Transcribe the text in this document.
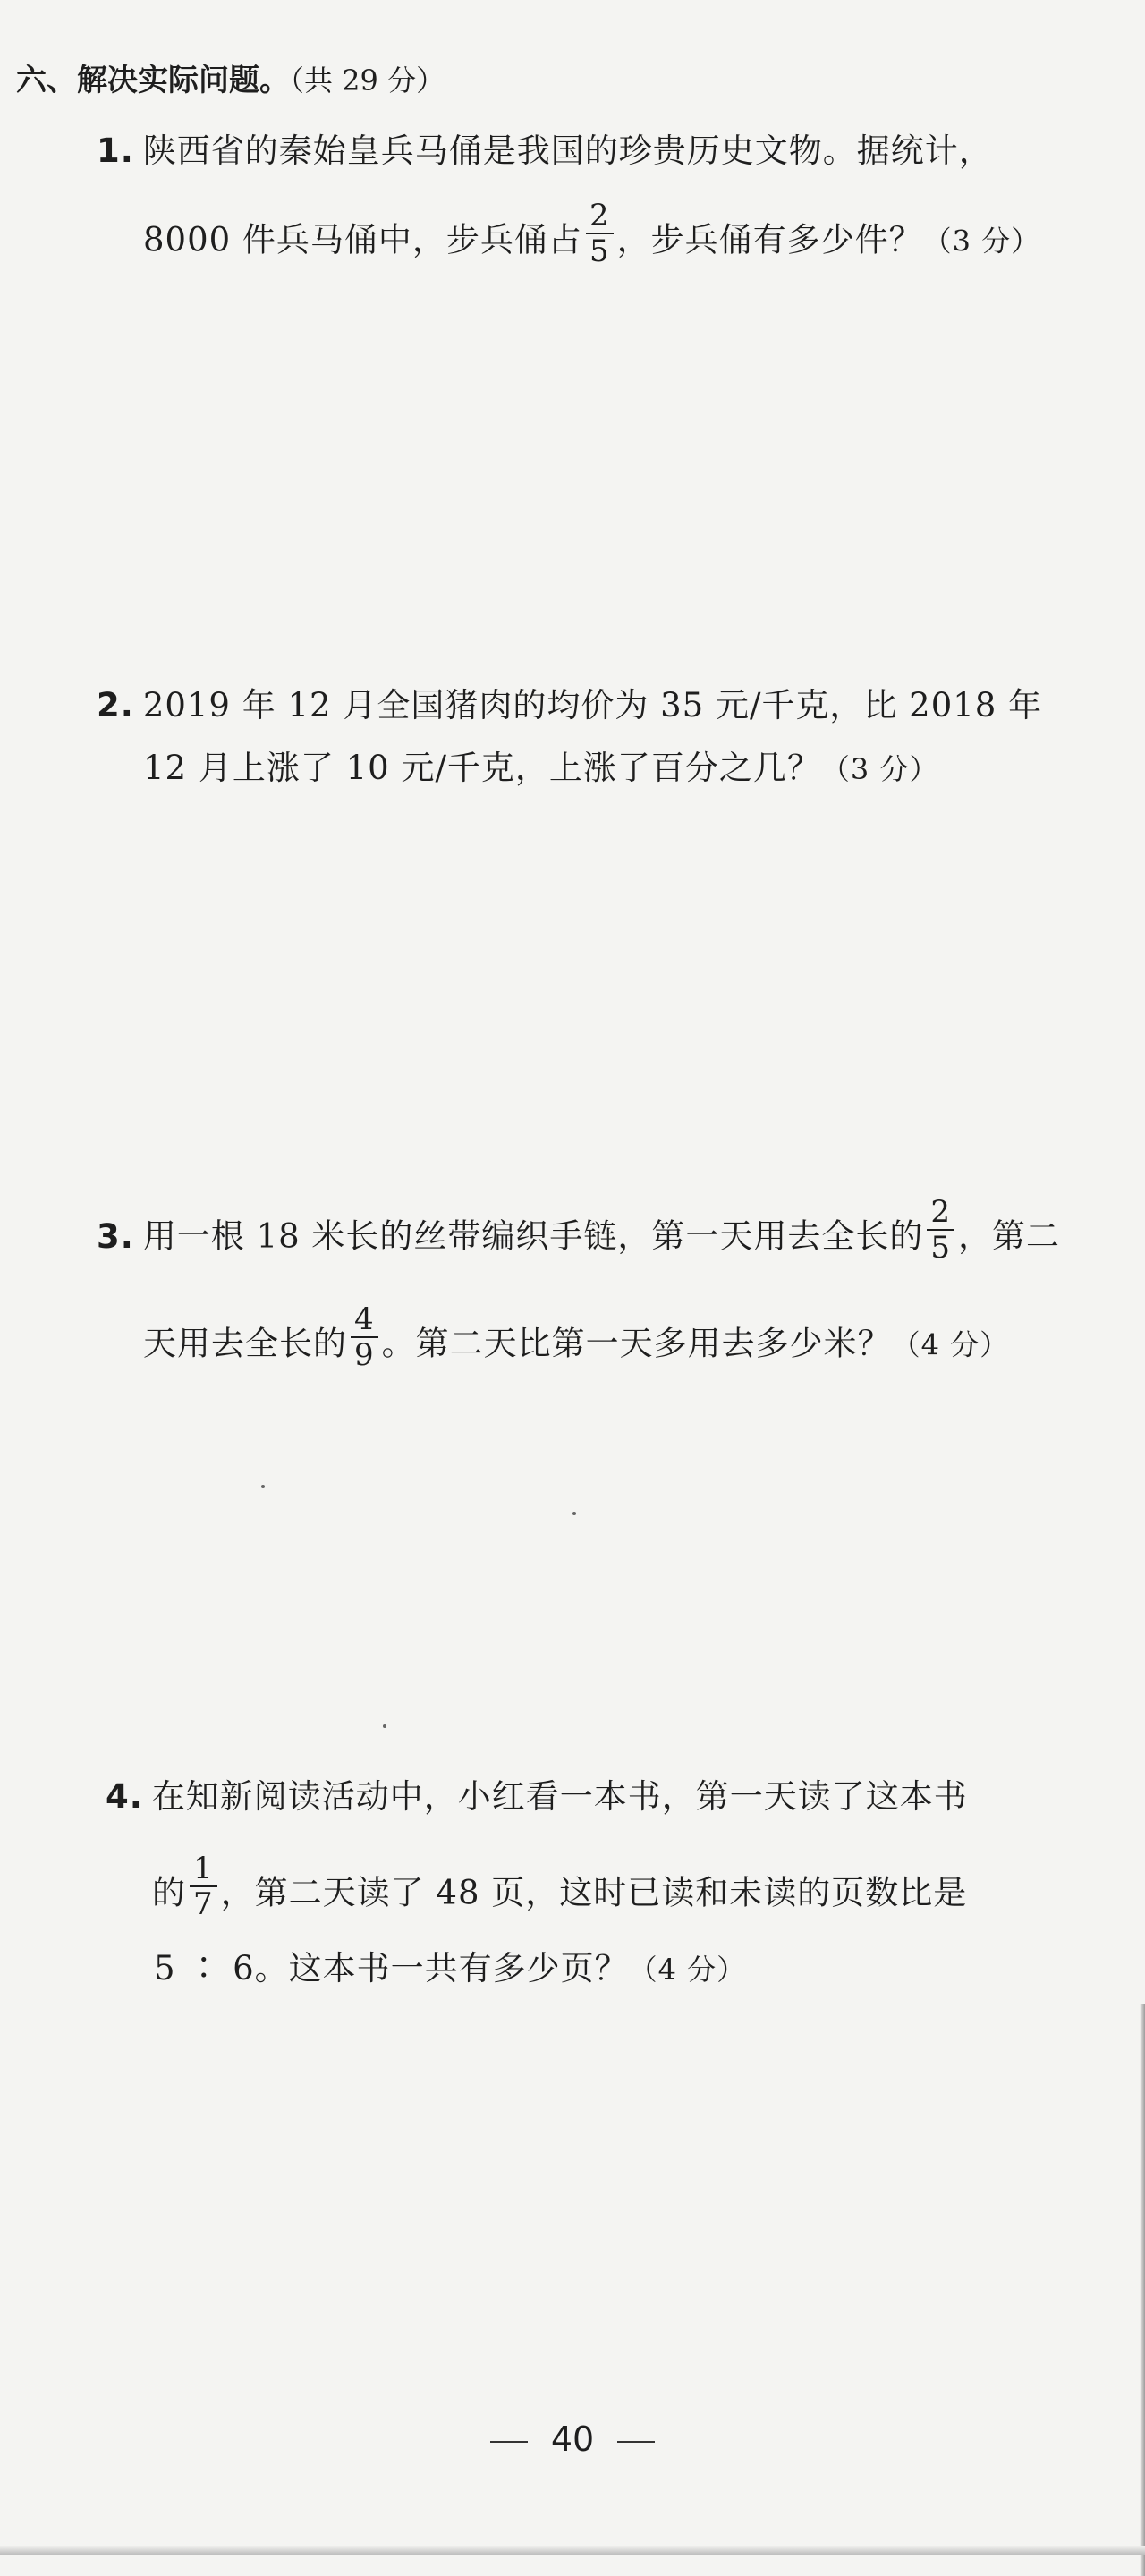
六、解决实际问题。（共 29 分）
1. 陕西省的秦始皇兵马俑是我国的珍贵历史文物。据统计，
8000 件兵马俑中，步兵俑占 $\frac{2}{5}$ ，步兵俑有多少件？（3 分）
2. 2019 年 12 月全国猪肉的均价为 35 元/千克，比 2018 年
12 月上涨了 10 元/千克，上涨了百分之几？（3 分）
3. 用一根 18 米长的丝带编织手链，第一天用去全长的 $\frac{2}{5}$ ，第二
天用去全长的 $\frac{4}{9}$ 。第二天比第一天多用去多少米？（4 分）
4. 在知新阅读活动中，小红看一本书，第一天读了这本书
的 $\frac{1}{7}$ ，第二天读了 48 页，这时已读和未读的页数比是
5 ∶ 6。这本书一共有多少页？（4 分）
40
